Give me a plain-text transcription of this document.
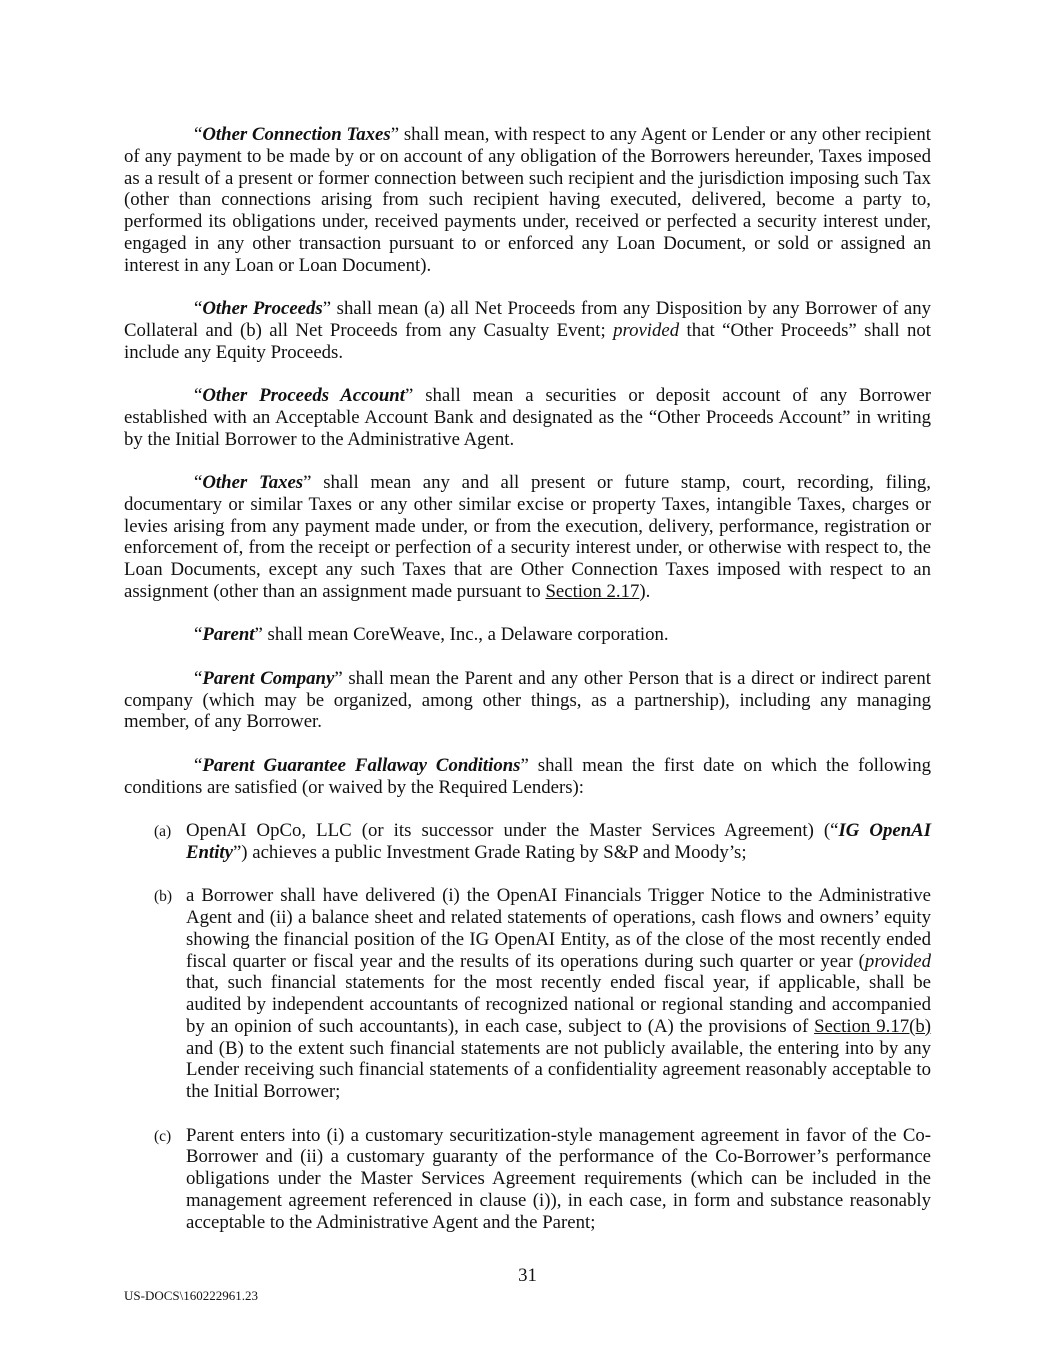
“Other Connection Taxes” shall mean, with respect to any Agent or Lender or any other recipient of any payment to be made by or on account of any obligation of the Borrowers hereunder, Taxes imposed as a result of a present or former connection between such recipient and the jurisdiction imposing such Tax (other than connections arising from such recipient having executed, delivered, become a party to, performed its obligations under, received payments under, received or perfected a security interest under, engaged in any other transaction pursuant to or enforced any Loan Document, or sold or assigned an interest in any Loan or Loan Document).

“Other Proceeds” shall mean (a) all Net Proceeds from any Disposition by any Borrower of any Collateral and (b) all Net Proceeds from any Casualty Event; provided that “Other Proceeds” shall not include any Equity Proceeds.

“Other Proceeds Account” shall mean a securities or deposit account of any Borrower established with an Acceptable Account Bank and designated as the “Other Proceeds Account” in writing by the Initial Borrower to the Administrative Agent.

“Other Taxes” shall mean any and all present or future stamp, court, recording, filing, documentary or similar Taxes or any other similar excise or property Taxes, intangible Taxes, charges or levies arising from any payment made under, or from the execution, delivery, performance, registration or enforcement of, from the receipt or perfection of a security interest under, or otherwise with respect to, the Loan Documents, except any such Taxes that are Other Connection Taxes imposed with respect to an assignment (other than an assignment made pursuant to Section 2.17).

“Parent” shall mean CoreWeave, Inc., a Delaware corporation.

“Parent Company” shall mean the Parent and any other Person that is a direct or indirect parent company (which may be organized, among other things, as a partnership), including any managing member, of any Borrower.

“Parent Guarantee Fallaway Conditions” shall mean the first date on which the following conditions are satisfied (or waived by the Required Lenders):

(a) OpenAI OpCo, LLC (or its successor under the Master Services Agreement) (“IG OpenAI Entity”) achieves a public Investment Grade Rating by S&P and Moody’s;

(b) a Borrower shall have delivered (i) the OpenAI Financials Trigger Notice to the Administrative Agent and (ii) a balance sheet and related statements of operations, cash flows and owners’ equity showing the financial position of the IG OpenAI Entity, as of the close of the most recently ended fiscal quarter or fiscal year and the results of its operations during such quarter or year (provided that, such financial statements for the most recently ended fiscal year, if applicable, shall be audited by independent accountants of recognized national or regional standing and accompanied by an opinion of such accountants), in each case, subject to (A) the provisions of Section 9.17(b) and (B) to the extent such financial statements are not publicly available, the entering into by any Lender receiving such financial statements of a confidentiality agreement reasonably acceptable to the Initial Borrower;

(c) Parent enters into (i) a customary securitization-style management agreement in favor of the Co-Borrower and (ii) a customary guaranty of the performance of the Co-Borrower’s performance obligations under the Master Services Agreement requirements (which can be included in the management agreement referenced in clause (i)), in each case, in form and substance reasonably acceptable to the Administrative Agent and the Parent;

31
US-DOCS\160222961.23
